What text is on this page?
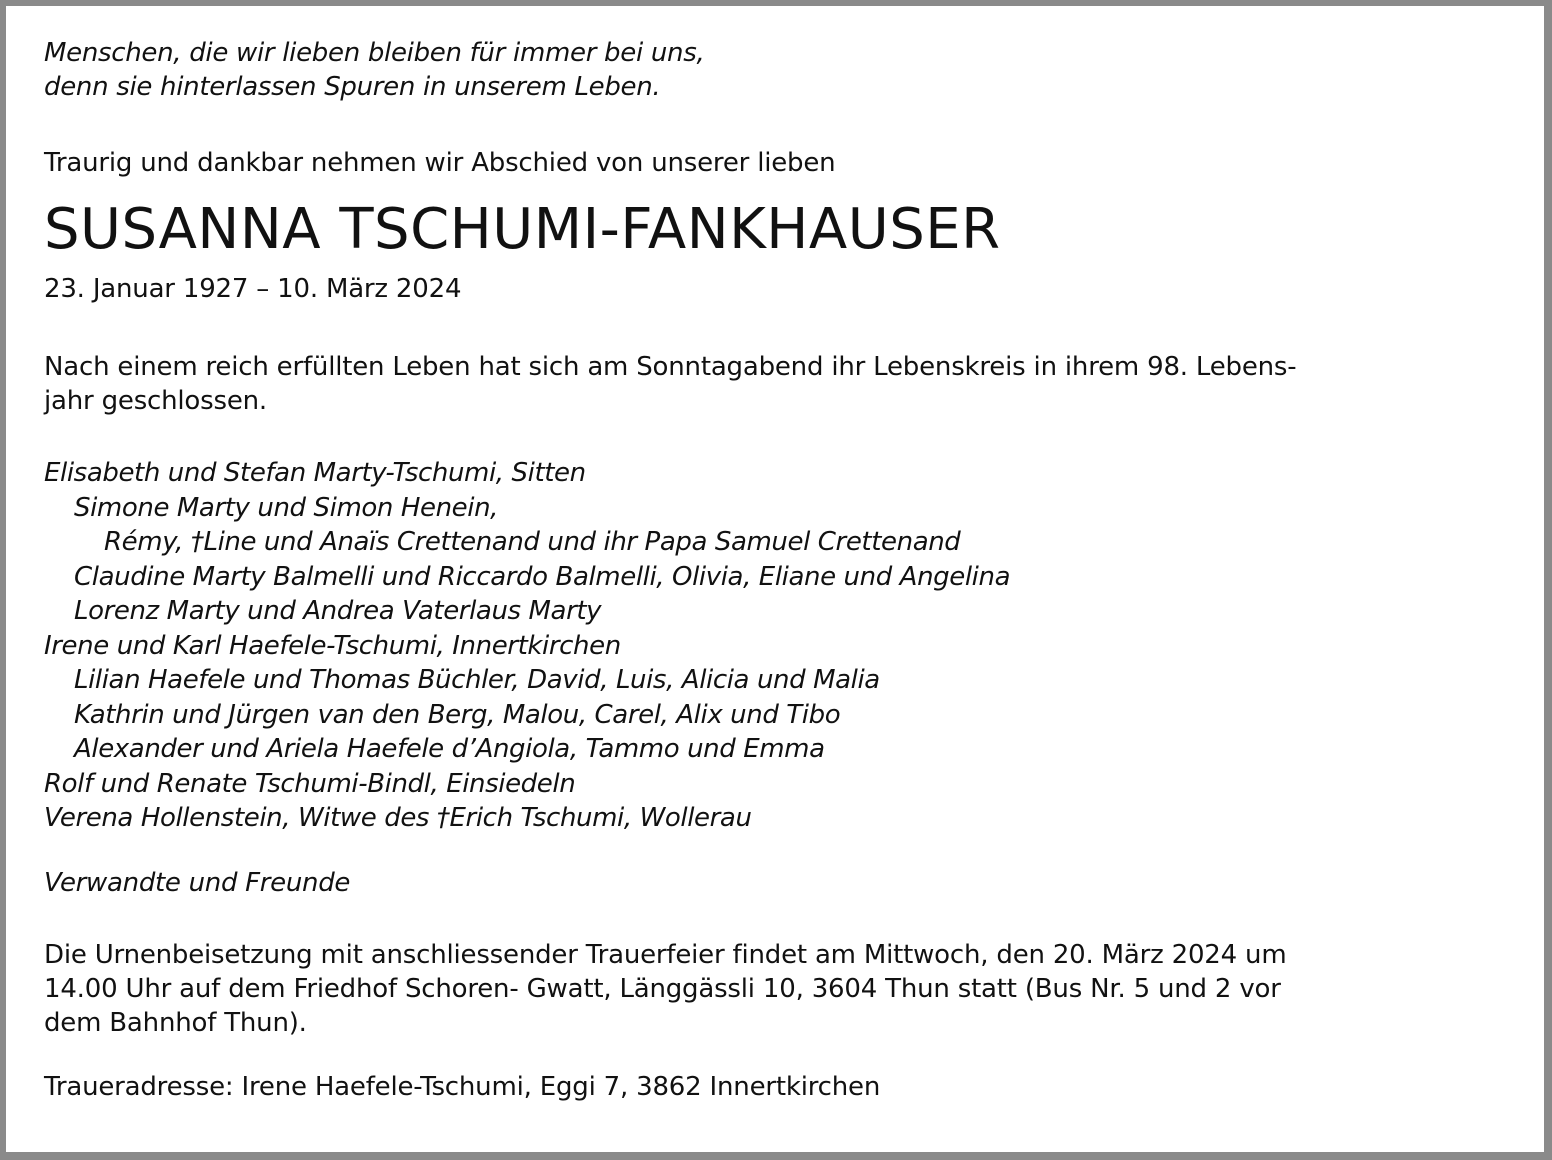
Menschen, die wir lieben bleiben für immer bei uns,
denn sie hinterlassen Spuren in unserem Leben.

Traurig und dankbar nehmen wir Abschied von unserer lieben

SUSANNA TSCHUMI-FANKHAUSER

23. Januar 1927 – 10. März 2024

Nach einem reich erfüllten Leben hat sich am Sonntagabend ihr Lebenskreis in ihrem 98. Lebens-
jahr geschlossen.

Elisabeth und Stefan Marty-Tschumi, Sitten
Simone Marty und Simon Henein,
Rémy, †Line und Anaïs Crettenand und ihr Papa Samuel Crettenand
Claudine Marty Balmelli und Riccardo Balmelli, Olivia, Eliane und Angelina
Lorenz Marty und Andrea Vaterlaus Marty
Irene und Karl Haefele-Tschumi, Innertkirchen
Lilian Haefele und Thomas Büchler, David, Luis, Alicia und Malia
Kathrin und Jürgen van den Berg, Malou, Carel, Alix und Tibo
Alexander und Ariela Haefele d’Angiola, Tammo und Emma
Rolf und Renate Tschumi-Bindl, Einsiedeln
Verena Hollenstein, Witwe des †Erich Tschumi, Wollerau

Verwandte und Freunde

Die Urnenbeisetzung mit anschliessender Trauerfeier findet am Mittwoch, den 20. März 2024 um
14.00 Uhr auf dem Friedhof Schoren- Gwatt, Länggässli 10, 3604 Thun statt (Bus Nr. 5 und 2 vor
dem Bahnhof Thun).

Traueradresse: Irene Haefele-Tschumi, Eggi 7, 3862 Innertkirchen
